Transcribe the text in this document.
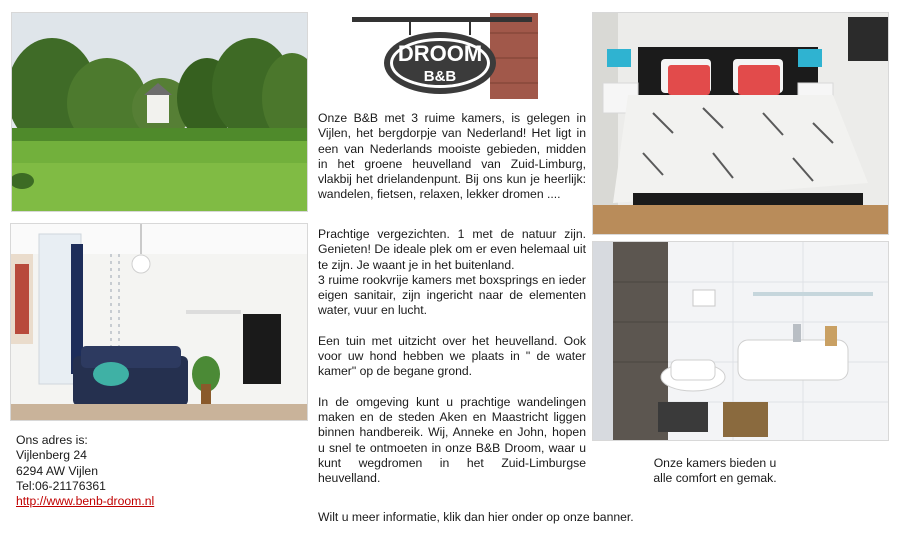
DROOM
B&B
Onze B&B met 3 ruime kamers, is gelegen in Vijlen, het bergdorpje van Nederland! Het ligt in een van Nederlands mooiste gebieden, midden in het groene heuvelland van Zuid-Limburg, vlakbij het drielandenpunt. Bij ons kun je heerlijk: wandelen, fietsen, relaxen, lekker dromen ....

Prachtige vergezichten. 1 met de natuur zijn. Genieten! De ideale plek om er even helemaal uit te zijn. Je waant je in het buitenland.

3 ruime rookvrije kamers met boxsprings en ieder eigen sanitair, zijn ingericht naar de elementen water, vuur en lucht.

Een tuin met uitzicht over het heuvelland. Ook voor uw hond hebben we plaats in " de water kamer" op de begane grond.

In de omgeving kunt u prachtige wandelingen maken en de steden Aken en Maastricht liggen binnen handbereik. Wij, Anneke en John, hopen u snel te ontmoeten in onze B&B Droom, waar u kunt wegdromen in het Zuid-Limburgse heuvelland.

Ons adres is:
Vijlenberg 24
6294 AW Vijlen
Tel:06-21176361
http://www.benb-droom.nl
Onze kamers bieden u
alle comfort en gemak.
Wilt u meer informatie, klik dan hier onder op onze banner.
